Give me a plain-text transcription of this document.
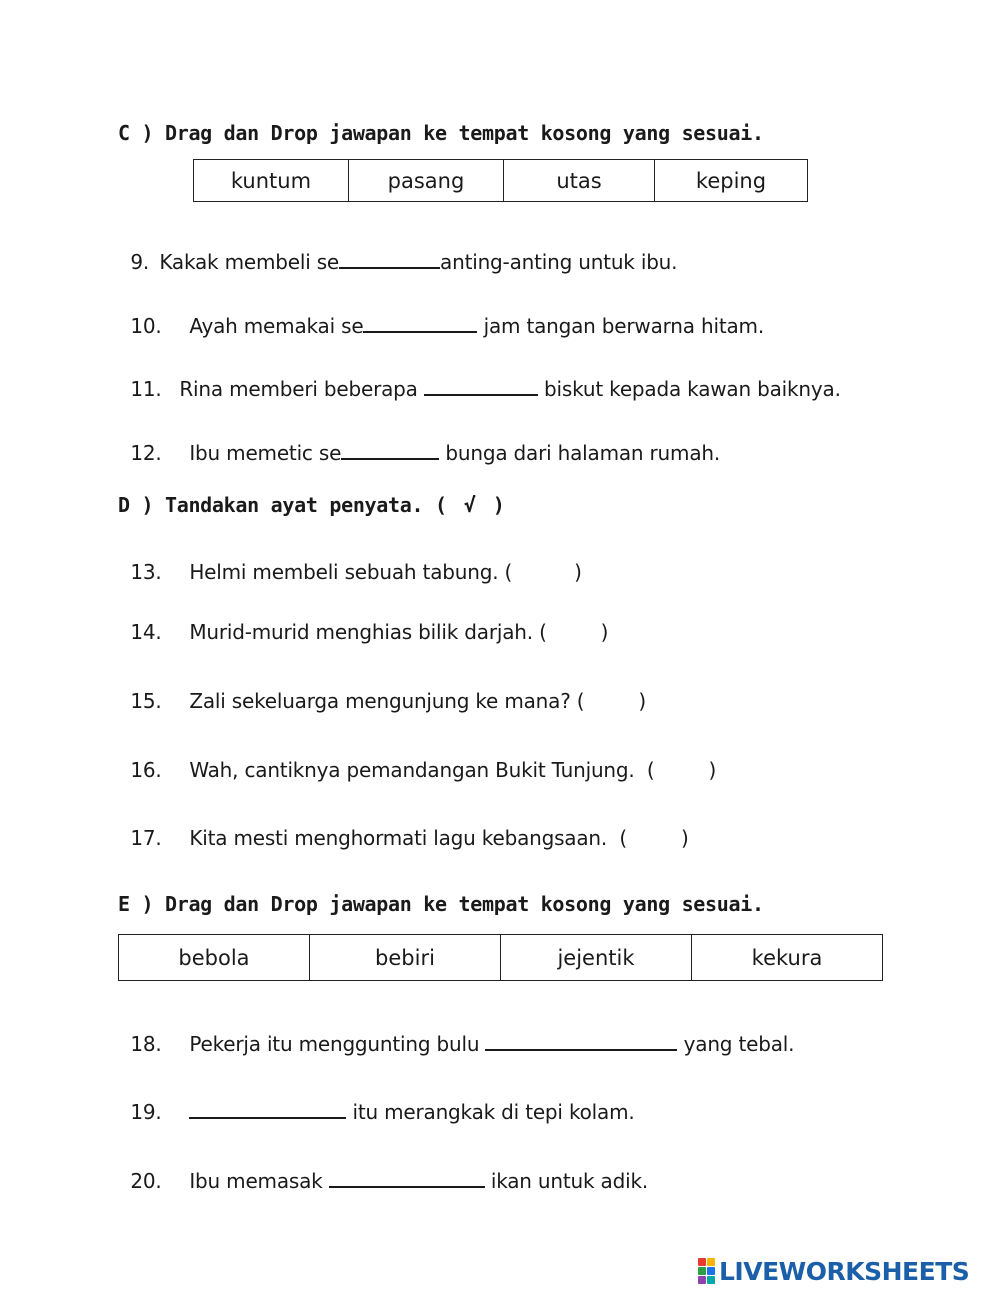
C ) Drag dan Drop jawapan ke tempat kosong yang sesuai.
kuntum	pasang	utas	keping

9. Kakak membeli se	anting-anting untuk ibu.

10. Ayah memakai se	jam tangan berwarna hitam.

11. Rina memberi beberapa	biskut kepada kawan baiknya.

12. Ibu memetic se	bunga dari halaman rumah.

D ) Tandakan ayat penyata. ( √ )

13. Helmi membeli sebuah tabung. (	)

14. Murid-murid menghias bilik darjah. (	)

15. Zali sekeluarga mengunjung ke mana? (	)

16. Wah, cantiknya pemandangan Bukit Tunjung.  (	)

17. Kita mesti menghormati lagu kebangsaan.  (	)

E ) Drag dan Drop jawapan ke tempat kosong yang sesuai.
bebola	bebiri	jejentik	kekura

18. Pekerja itu menggunting bulu	yang tebal.

19.	itu merangkak di tepi kolam.

20. Ibu memasak	ikan untuk adik.

LIVEWORKSHEETS
